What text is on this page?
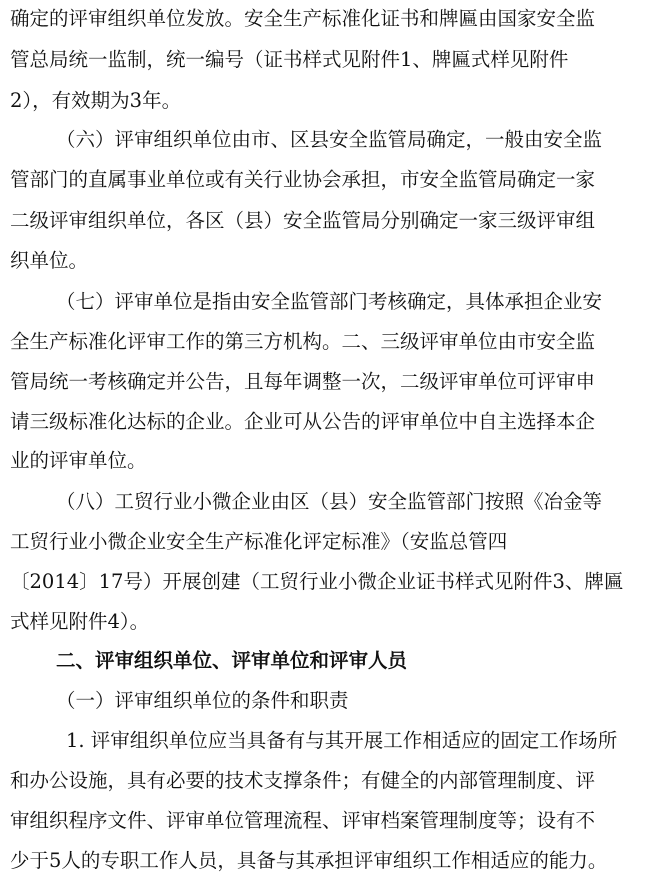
确定的评审组织单位发放。安全生产标准化证书和牌匾由国家安全监
管总局统一监制，统一编号（证书样式见附件1、牌匾式样见附件
2），有效期为3年。
（六）评审组织单位由市、区县安全监管局确定，一般由安全监
管部门的直属事业单位或有关行业协会承担，市安全监管局确定一家
二级评审组织单位，各区（县）安全监管局分别确定一家三级评审组
织单位。
（七）评审单位是指由安全监管部门考核确定，具体承担企业安
全生产标准化评审工作的第三方机构。二、三级评审单位由市安全监
管局统一考核确定并公告，且每年调整一次，二级评审单位可评审申
请三级标准化达标的企业。企业可从公告的评审单位中自主选择本企
业的评审单位。
（八）工贸行业小微企业由区（县）安全监管部门按照《冶金等
工贸行业小微企业安全生产标准化评定标准》（安监总管四
〔2014〕17号）开展创建（工贸行业小微企业证书样式见附件3、牌匾
式样见附件4）。
二、评审组织单位、评审单位和评审人员
（一）评审组织单位的条件和职责
1. 评审组织单位应当具备有与其开展工作相适应的固定工作场所
和办公设施，具有必要的技术支撑条件；有健全的内部管理制度、评
审组织程序文件、评审单位管理流程、评审档案管理制度等；设有不
少于5人的专职工作人员，具备与其承担评审组织工作相适应的能力。
